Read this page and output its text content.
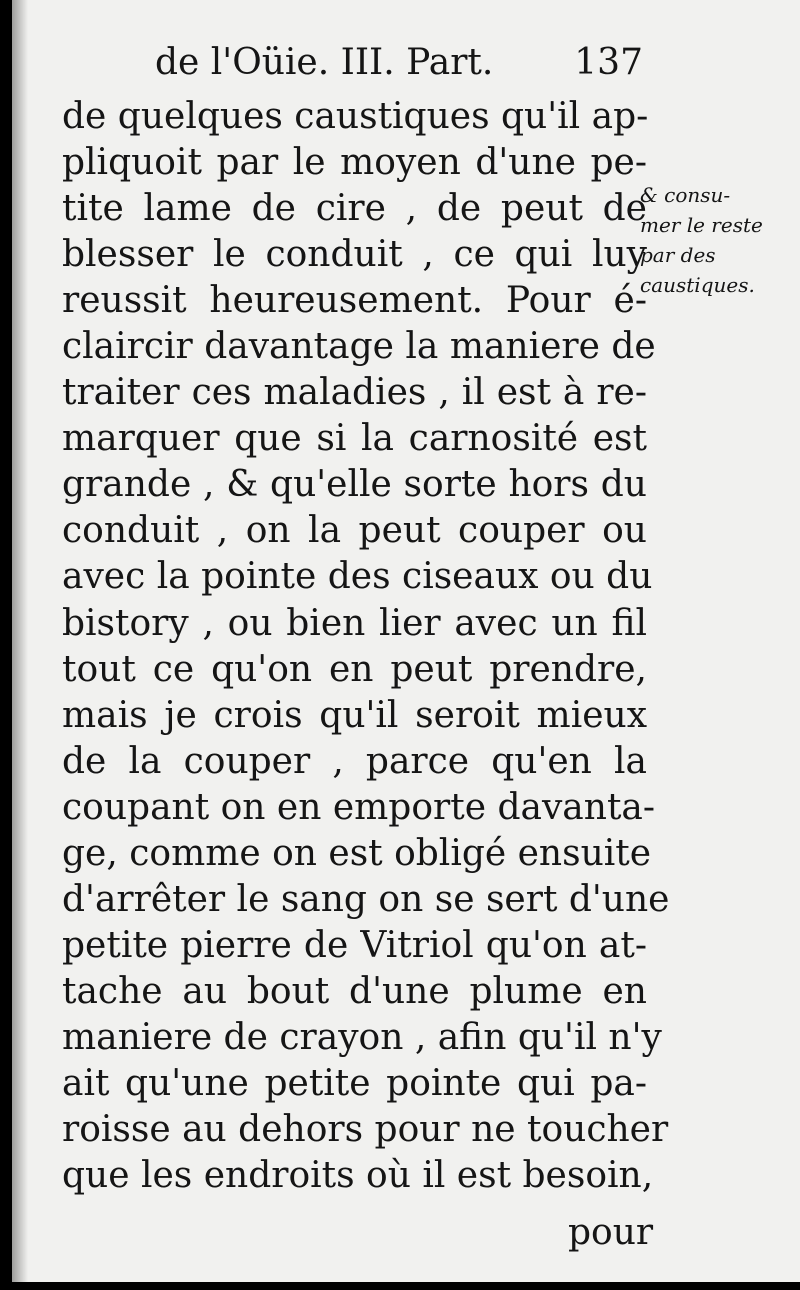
de l'Oüie. III. Part. 137
de quelques caustiques qu'il ap-
pliquoit par le moyen d'une pe-
tite lame de cire , de peut de
blesser le conduit , ce qui luy
reussit heureusement. Pour é-
claircir davantage la maniere de
traiter ces maladies , il est à re-
marquer que si la carnosité est
grande , & qu'elle sorte hors du
conduit , on la peut couper ou
avec la pointe des ciseaux ou du
bistory , ou bien lier avec un fil
tout ce qu'on en peut prendre,
mais je crois qu'il seroit mieux
de la couper , parce qu'en la
coupant on en emporte davanta-
ge, comme on est obligé ensuite
d'arrêter le sang on se sert d'une
petite pierre de Vitriol qu'on at-
tache au bout d'une plume en
maniere de crayon , afin qu'il n'y
ait qu'une petite pointe qui pa-
roisse au dehors pour ne toucher
que les endroits où il est besoin,
pour
& consu-
mer le reste
par des
caustiques.
